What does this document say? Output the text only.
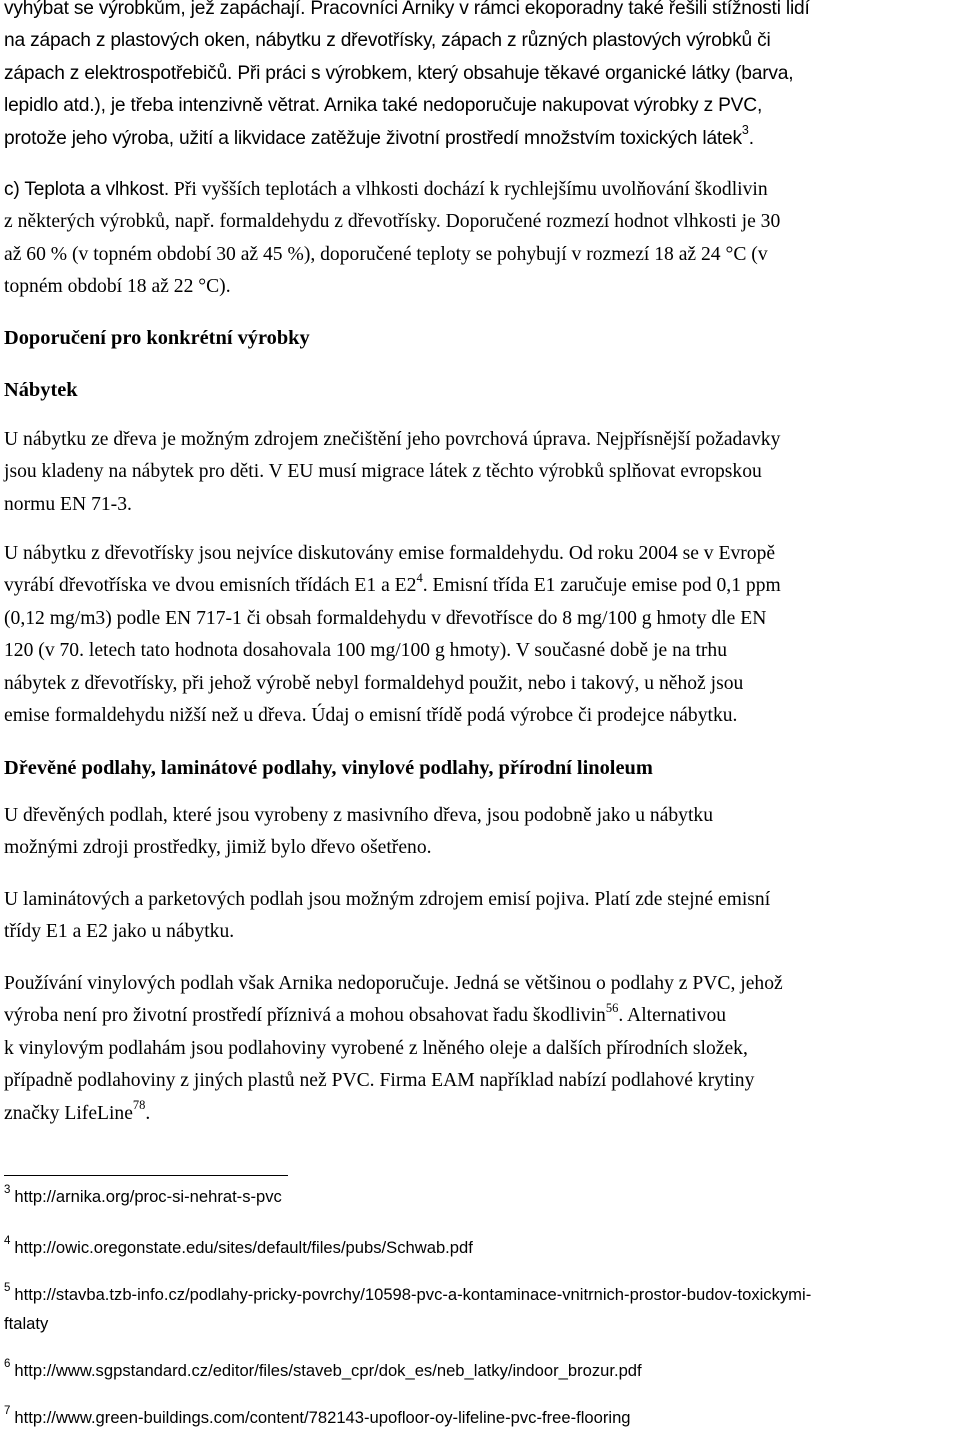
vyhýbat se výrobkům, jež zapáchají. Pracovníci Arniky v rámci ekoporadny také řešili stížnosti lidí
na zápach z plastových oken, nábytku z dřevotřísky, zápach z různých plastových výrobků či
zápach z elektrospotřebičů. Při práci s výrobkem, který obsahuje těkavé organické látky (barva,
lepidlo atd.), je třeba intenzivně větrat. Arnika také nedoporučuje nakupovat výrobky z PVC,
protože jeho výroba, užití a likvidace zatěžuje životní prostředí množstvím toxických látek$^3$.

c) Teplota a vlhkost. Při vyšších teplotách a vlhkosti dochází k rychlejšímu uvolňování škodlivin
z některých výrobků, např. formaldehydu z dřevotřísky. Doporučené rozmezí hodnot vlhkosti je 30
až 60 % (v topném období 30 až 45 %), doporučené teploty se pohybují v rozmezí 18 až 24 °C (v
topném období 18 až 22 °C).

Doporučení pro konkrétní výrobky
Nábytek

U nábytku ze dřeva je možným zdrojem znečištění jeho povrchová úprava. Nejpřísnější požadavky
jsou kladeny na nábytek pro děti. V EU musí migrace látek z těchto výrobků splňovat evropskou
normu EN 71-3.

U nábytku z dřevotřísky jsou nejvíce diskutovány emise formaldehydu. Od roku 2004 se v Evropě
vyrábí dřevotříska ve dvou emisních třídách E1 a $E2^4$. Emisní třída E1 zaručuje emise pod 0,1 ppm
(0,12 mg/m3) podle EN 717-1 či obsah formaldehydu v dřevotřísce do 8 mg/100 g hmoty dle EN
120 (v 70. letech tato hodnota dosahovala 100 mg/100 g hmoty). V současné době je na trhu
nábytek z dřevotřísky, při jehož výrobě nebyl formaldehyd použit, nebo i takový, u něhož jsou
emise formaldehydu nižší než u dřeva. Údaj o emisní třídě podá výrobce či prodejce nábytku.

Dřevěné podlahy, laminátové podlahy, vinylové podlahy, přírodní linoleum

U dřevěných podlah, které jsou vyrobeny z masivního dřeva, jsou podobně jako u nábytku
možnými zdroji prostředky, jimiž bylo dřevo ošetřeno.

U laminátových a parketových podlah jsou možným zdrojem emisí pojiva. Platí zde stejné emisní
třídy E1 a E2 jako u nábytku.

Používání vinylových podlah však Arnika nedoporučuje. Jedná se většinou o podlahy z PVC, jehož
výroba není pro životní prostředí příznivá a mohou obsahovat řadu škodlivin$^{56}$. Alternativou
k vinylovým podlahám jsou podlahoviny vyrobené z lněného oleje a dalších přírodních složek,
případně podlahoviny z jiných plastů než PVC. Firma EAM například nabízí podlahové krytiny
značky LifeLine$^{78}$.

$^3$ http://arnika.org/proc-si-nehrat-s-pvc

$^4$ http://owic.oregonstate.edu/sites/default/files/pubs/Schwab.pdf

$^5$ http://stavba.tzb-info.cz/podlahy-pricky-povrchy/10598-pvc-a-kontaminace-vnitrnich-prostor-budov-toxickymi-
ftalaty

$^6$ http://www.sgpstandard.cz/editor/files/staveb_cpr/dok_es/neb_latky/indoor_brozur.pdf

$^7$ http://www.green-buildings.com/content/782143-upofloor-oy-lifeline-pvc-free-flooring
